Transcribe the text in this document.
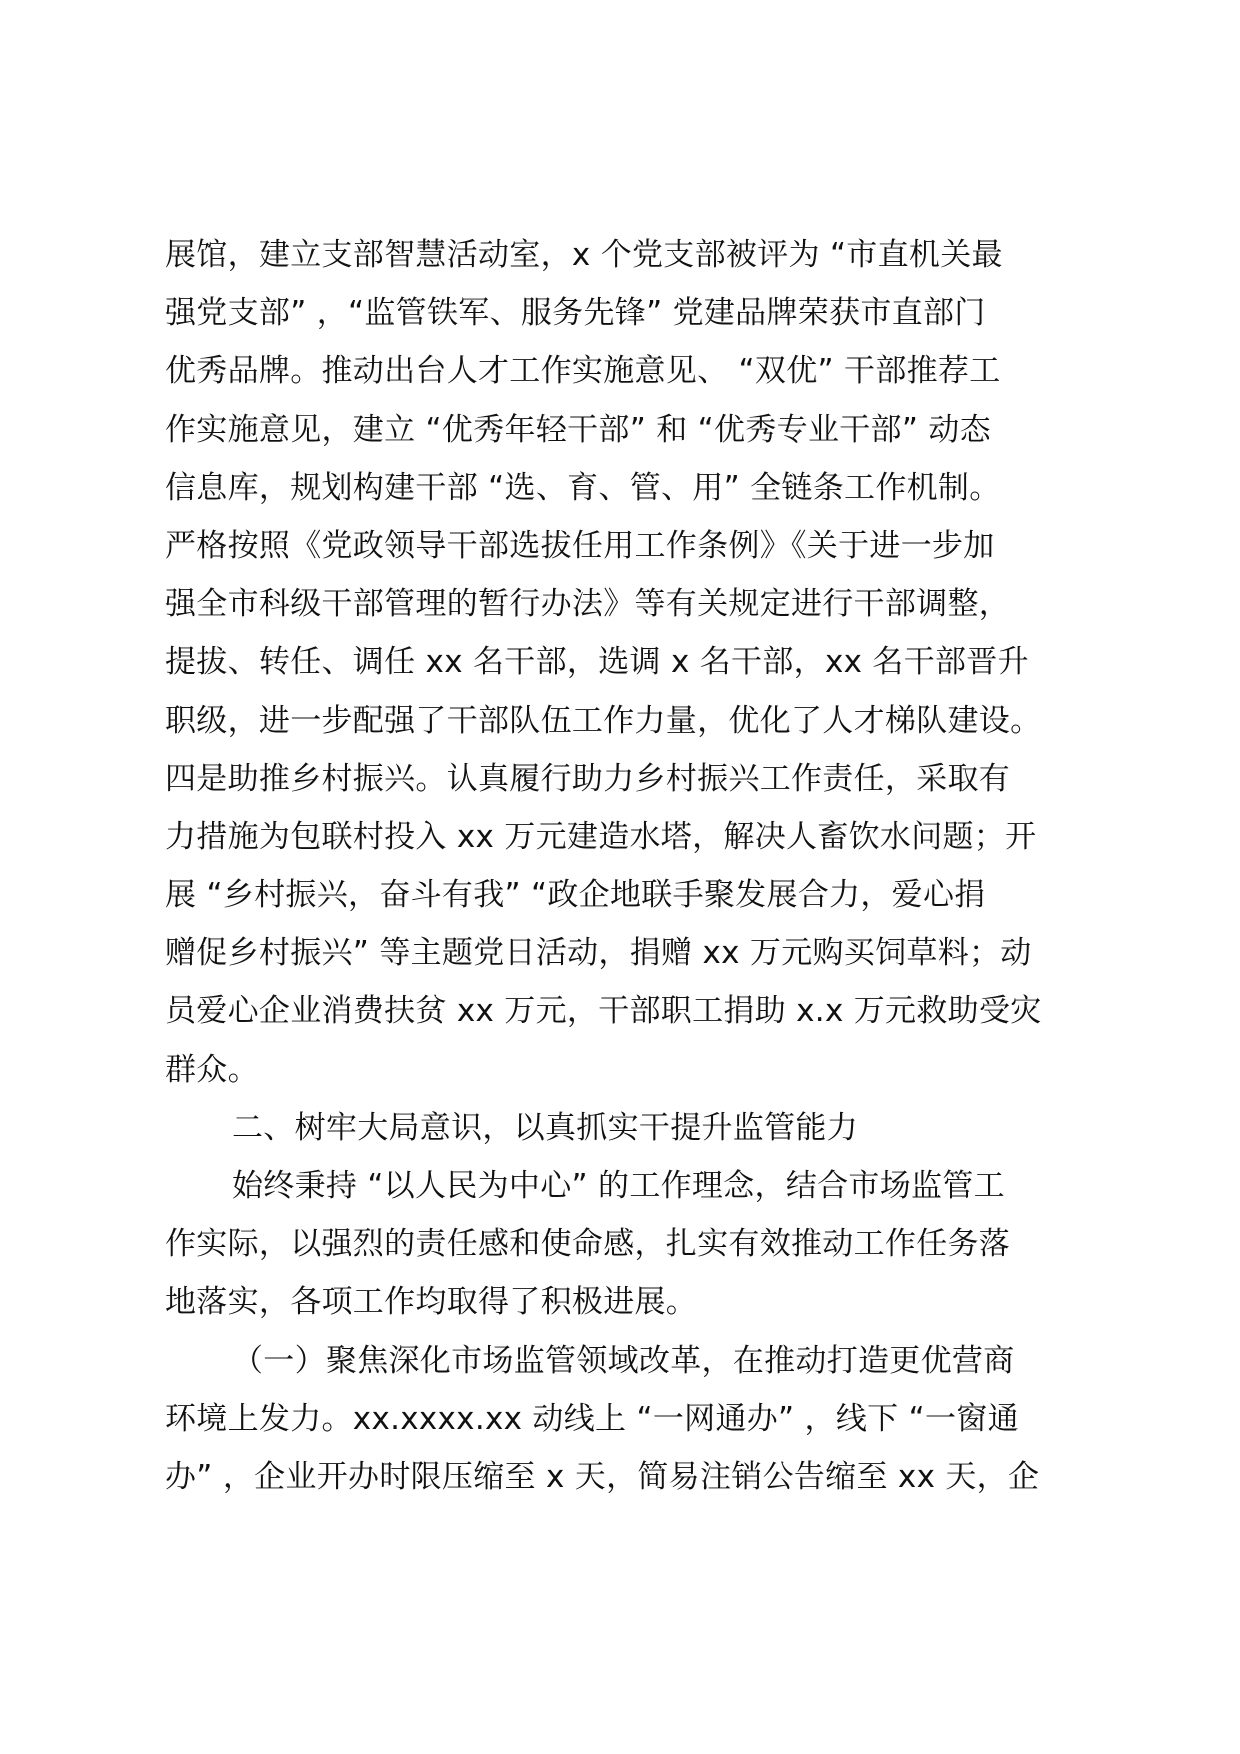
展馆，建立支部智慧活动室，x 个党支部被评为 “市直机关最
强党支部” ，“监管铁军、服务先锋” 党建品牌荣获市直部门
优秀品牌。推动出台人才工作实施意见、 “双优” 干部推荐工
作实施意见，建立 “优秀年轻干部” 和 “优秀专业干部” 动态
信息库，规划构建干部 “选、育、管、用” 全链条工作机制。
严格按照《党政领导干部选拔任用工作条例》《关于进一步加
强全市科级干部管理的暂行办法》等有关规定进行干部调整，
提拔、转任、调任 xx 名干部，选调 x 名干部，xx 名干部晋升
职级，进一步配强了干部队伍工作力量，优化了人才梯队建设。
四是助推乡村振兴。认真履行助力乡村振兴工作责任，采取有
力措施为包联村投入 xx 万元建造水塔，解决人畜饮水问题；开
展 “乡村振兴，奋斗有我” “政企地联手聚发展合力，爱心捐
赠促乡村振兴” 等主题党日活动，捐赠 xx 万元购买饲草料；动
员爱心企业消费扶贫 xx 万元，干部职工捐助 x.x 万元救助受灾
群众。
二、树牢大局意识，以真抓实干提升监管能力
始终秉持 “以人民为中心” 的工作理念，结合市场监管工
作实际，以强烈的责任感和使命感，扎实有效推动工作任务落
地落实，各项工作均取得了积极进展。
（一）聚焦深化市场监管领域改革，在推动打造更优营商
环境上发力。xx.xxxx.xx 动线上 “一网通办” ，线下 “一窗通
办” ，企业开办时限压缩至 x 天，简易注销公告缩至 xx 天，企
